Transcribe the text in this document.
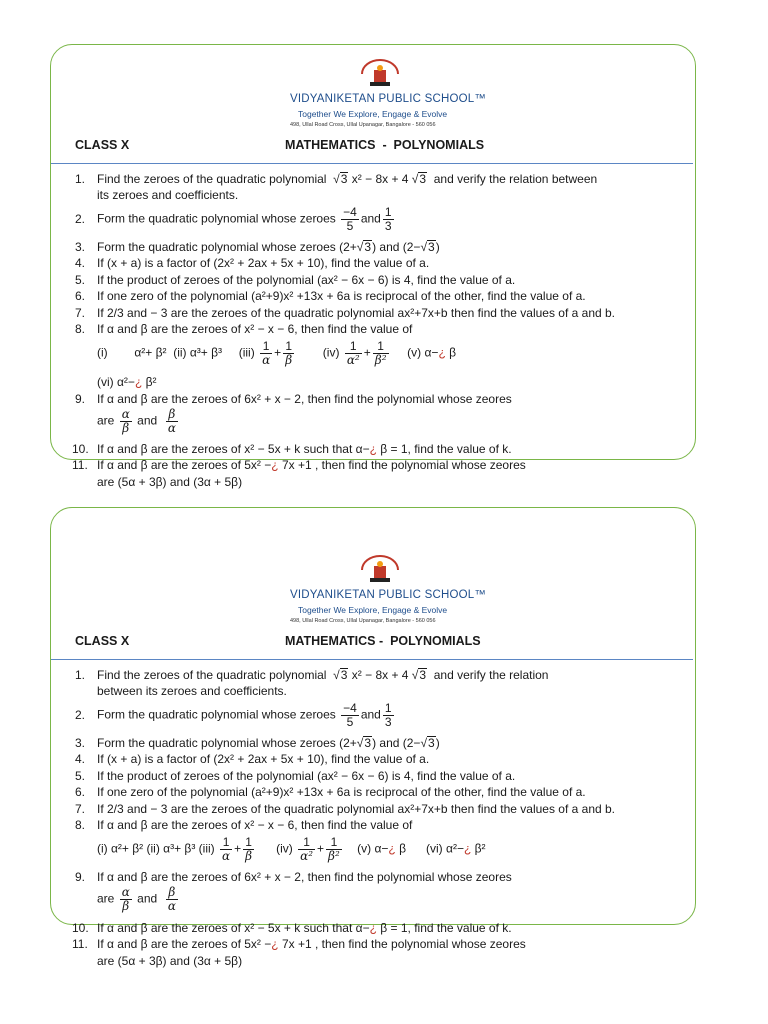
VIDYANIKETAN PUBLIC SCHOOL™
Together We Explore, Engage & Evolve
498, Ullal Road Cross, Ullal Upanagar, Bangalore - 560 056
CLASS X	MATHEMATICS  -  POLYNOMIALS
1. Find the zeroes of the quadratic polynomial  √3 x² − 8x + 4 √3 and verify the relation between
its zeroes and coefficients.
2. Form the quadratic polynomial whose zeroes $\frac{-4}{5}$ and $\frac{1}{3}$
3. Form the quadratic polynomial whose zeroes (2+√3) and (2−√3)
4. If (x + a) is a factor of (2x² + 2ax + 5x + 10), find the value of a.
5. If the product of zeroes of the polynomial (ax² − 6x − 6) is 4, find the value of a.
6. If one zero of the polynomial (a²+9)x² +13x + 6a is reciprocal of the other, find the value of a.
7. If 2/3 and − 3 are the zeroes of the quadratic polynomial ax²+7x+b then find the values of a and b.
8. If α and β are the zeroes of x² − x − 6, then find the value of
(i) α²+ β² (ii) α³+ β³ $(iii) \frac{1}{\alpha} + \frac{1}{\beta} (iv) \frac{1}{\text{α²}} + \frac{1}{\text{β²}} (v)$ α−¿ β
(vi) α²−¿ β²
9. If α and β are the zeroes of 6x² + x − 2, then find the polynomial whose zeores
are $\frac{\alpha}{\beta}$ and $\frac{\beta}{\alpha}$
10. If α and β are the zeroes of x² − 5x + k such that α−¿ β = 1, find the value of k.
11. If α and β are the zeroes of 5x² −¿ 7x +1 , then find the polynomial whose zeores
are (5α + 3β) and (3α + 5β)
VIDYANIKETAN PUBLIC SCHOOL™
Together We Explore, Engage & Evolve
498, Ullal Road Cross, Ullal Upanagar, Bangalore - 560 056
CLASS X	MATHEMATICS -  POLYNOMIALS
1. Find the zeroes of the quadratic polynomial  √3 x² − 8x + 4 √3 and verify the relation
between its zeroes and coefficients.
2. Form the quadratic polynomial whose zeroes $\frac{-4}{5}$ and $\frac{1}{3}$
3. Form the quadratic polynomial whose zeroes (2+√3) and (2−√3)
4. If (x + a) is a factor of (2x² + 2ax + 5x + 10), find the value of a.
5. If the product of zeroes of the polynomial (ax² − 6x − 6) is 4, find the value of a.
6. If one zero of the polynomial (a²+9)x² +13x + 6a is reciprocal of the other, find the value of a.
7. If 2/3 and − 3 are the zeroes of the quadratic polynomial ax²+7x+b then find the values of a and b.
8. If α and β are the zeroes of x² − x − 6, then find the value of
(i) α²+ β² (ii) α³+ β³ $(iii) \frac{1}{\alpha} + \frac{1}{\beta} (iv) \frac{1}{\text{α²}} + \frac{1}{\text{β²}} (v)$ α−¿ β (vi) α²−¿ β²
9. If α and β are the zeroes of 6x² + x − 2, then find the polynomial whose zeores
are $\frac{\alpha}{\beta}$ and $\frac{\beta}{\alpha}$
10. If α and β are the zeroes of x² − 5x + k such that α−¿ β = 1, find the value of k.
11. If α and β are the zeroes of 5x² −¿ 7x +1 , then find the polynomial whose zeores
are (5α + 3β) and (3α + 5β)
